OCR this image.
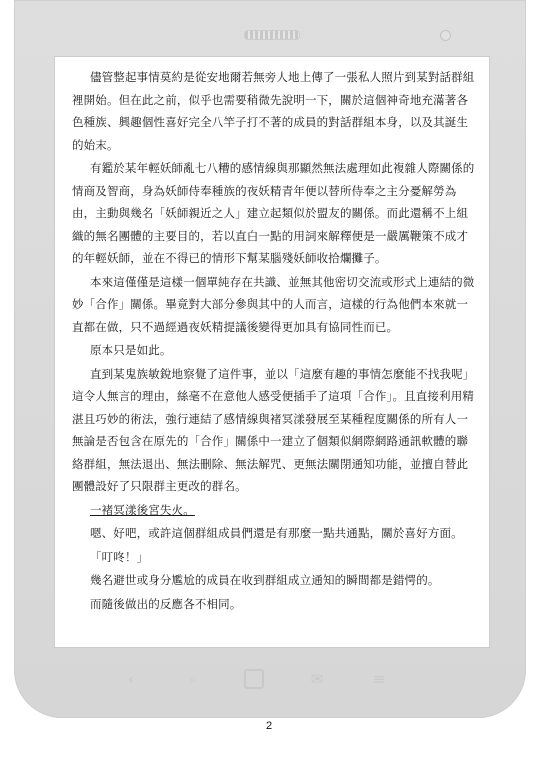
儘管整起事情莫約是從安地爾若無旁人地上傳了一張私人照片到某對話群組裡開始。但在此之前，似乎也需要稍微先說明一下，關於這個神奇地充滿著各色種族、興趣個性喜好完全八竿子打不著的成員的對話群組本身，以及其誕生的始末。

有鑑於某年輕妖師亂七八糟的感情線與那顯然無法處理如此複雜人際關係的情商及智商，身為妖師侍奉種族的夜妖精青年便以替所侍奉之主分憂解勞為由，主動與幾名「妖師親近之人」建立起類似於盟友的關係。而此還稱不上組織的無名團體的主要目的，若以直白一點的用詞來解釋便是一嚴厲鞭策不成才的年輕妖師，並在不得已的情形下幫某腦殘妖師收拾爛攤子。

本來這僅僅是這樣一個單純存在共識、並無其他密切交流或形式上連結的微妙「合作」關係。畢竟對大部分參與其中的人而言，這樣的行為他們本來就一直都在做，只不過經過夜妖精提議後變得更加具有協同性而已。

原本只是如此。

直到某鬼族敏銳地察覺了這件事，並以「這麼有趣的事情怎麼能不找我呢」這令人無言的理由，絲毫不在意他人感受便插手了這項「合作」。且直接利用精湛且巧妙的術法，強行連結了感情線與褚冥漾發展至某種程度關係的所有人一無論是否包含在原先的「合作」關係中一建立了個類似網際網路通訊軟體的聯絡群組，無法退出、無法刪除、無法解咒、更無法關閉通知功能，並擅自替此團體設好了只限群主更改的群名。

一褚冥漾後宮失火。

嗯、好吧，或許這個群組成員們還是有那麼一點共通點，關於喜好方面。

「叮咚！」

幾名避世或身分尷尬的成員在收到群組成立通知的瞬間都是錯愕的。

而隨後做出的反應各不相同。

‹	⌕	✉	≡
2
